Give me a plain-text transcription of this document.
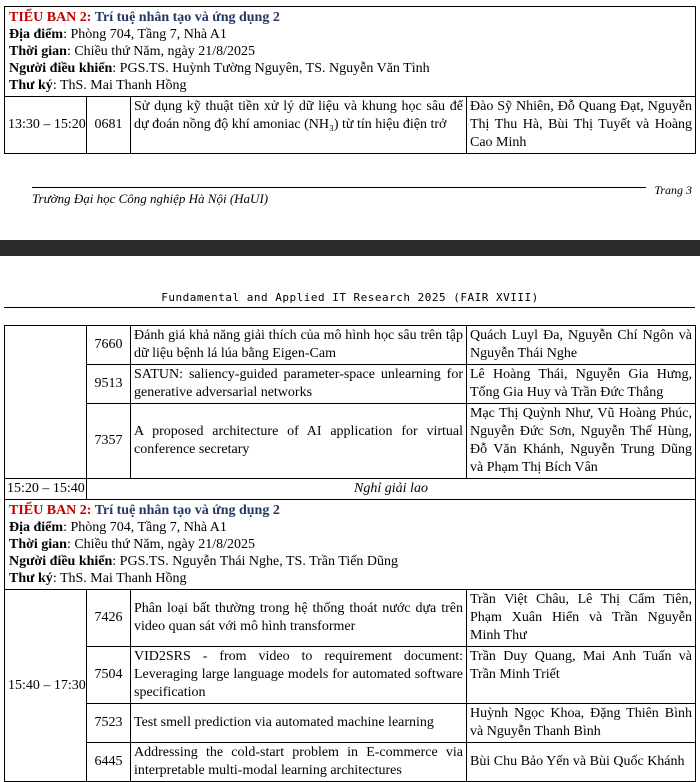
TIỂU BAN 2: Trí tuệ nhân tạo và ứng dụng 2
Địa điểm: Phòng 704, Tầng 7, Nhà A1
Thời gian: Chiều thứ Năm, ngày 21/8/2025
Người điều khiển: PGS.TS. Huỳnh Tường Nguyên, TS. Nguyễn Văn Tình
Thư ký: ThS. Mai Thanh Hồng

13:30 – 15:20	0681	Sử dụng kỹ thuật tiền xử lý dữ liệu và khung học sâu để dự đoán nồng độ khí amoniac (NH₃) từ tín hiệu điện trở	Đào Sỹ Nhiên, Đỗ Quang Đạt, Nguyễn Thị Thu Hà, Bùi Thị Tuyết và Hoàng Cao Minh
Trường Đại học Công nghiệp Hà Nội (HaUI)
Trang 3
Fundamental and Applied IT Research 2025 (FAIR XVIII)
	7660	Đánh giá khả năng giải thích của mô hình học sâu trên tập dữ liệu bệnh lá lúa bằng Eigen-Cam	Quách Luyl Đa, Nguyễn Chí Ngôn và Nguyễn Thái Nghe
	9513	SATUN: saliency-guided parameter-space unlearning for generative adversarial networks	Lê Hoàng Thái, Nguyễn Gia Hưng, Tống Gia Huy và Trần Đức Thắng
	7357	A proposed architecture of AI application for virtual conference secretary	Mạc Thị Quỳnh Như, Vũ Hoàng Phúc, Nguyễn Đức Sơn, Nguyễn Thế Hùng, Đỗ Văn Khánh, Nguyễn Trung Dũng và Phạm Thị Bích Vân
15:20 – 15:40	Nghỉ giải lao		

TIỂU BAN 2: Trí tuệ nhân tạo và ứng dụng 2
Địa điểm: Phòng 704, Tầng 7, Nhà A1
Thời gian: Chiều thứ Năm, ngày 21/8/2025
Người điều khiển: PGS.TS. Nguyễn Thái Nghe, TS. Trần Tiến Dũng
Thư ký: ThS. Mai Thanh Hồng			

15:40 – 17:30	7426	Phân loại bất thường trong hệ thống thoát nước dựa trên video quan sát với mô hình transformer	Trần Việt Châu, Lê Thị Cẩm Tiên, Phạm Xuân Hiển và Trần Nguyễn Minh Thư
	7504	VID2SRS - from video to requirement document: Leveraging large language models for automated software specification	Trần Duy Quang, Mai Anh Tuấn và Trần Minh Triết
	7523	Test smell prediction via automated machine learning	Huỳnh Ngọc Khoa, Đặng Thiên Bình và Nguyễn Thanh Bình
	6445	Addressing the cold-start problem in E-commerce via interpretable multi-modal learning architectures	Bùi Chu Bảo Yến và Bùi Quốc Khánh
